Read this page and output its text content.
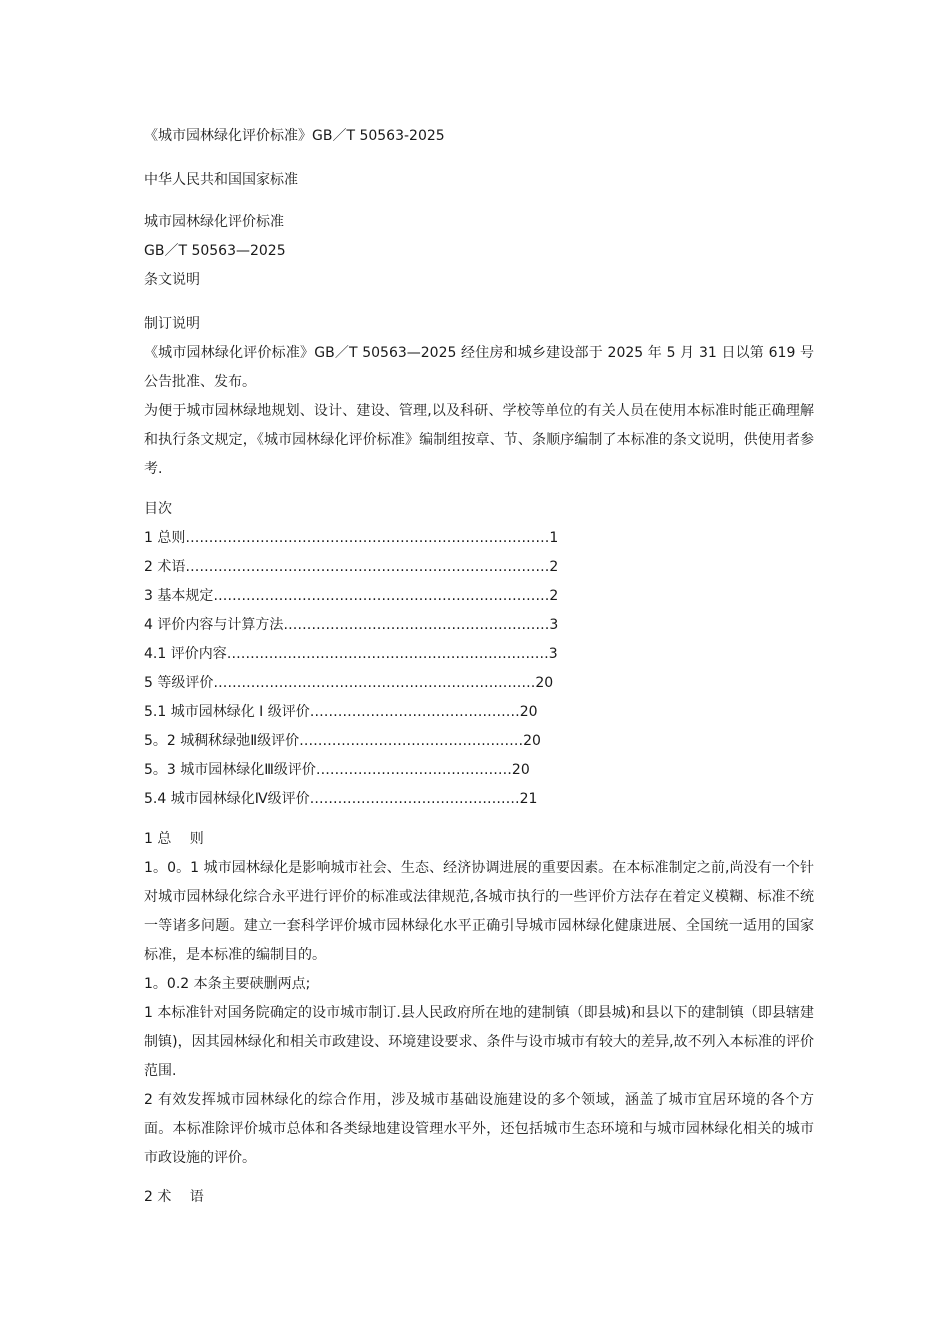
《城市园林绿化评价标准》GB／T 50563-2025
中华人民共和国国家标准
城市园林绿化评价标准
GB／T 50563—2025
条文说明
制订说明
《城市园林绿化评价标准》GB／T 50563—2025 经住房和城乡建设部于 2025 年 5 月 31 日以第 619 号公告批准、发布。
为便于城市园林绿地规划、设计、建设、管理,以及科研、学校等单位的有关人员在使用本标准时能正确理解和执行条文规定，《城市园林绿化评价标准》编制组按章、节、条顺序编制了本标准的条文说明，供使用者参考.
目次
1 总则……………………………………………………………………1
2 术语……………………………………………………………………2
3 基本规定………………………………………………………………2
4 评价内容与计算方法…………………………………………………3
4.1 评价内容……………………………………………………………3
5 等级评价……………………………………………………………20
5.1 城市园林绿化 I 级评价………………………………………20
5。2 城稠秫绿弛Ⅱ级评价…………………………………………20
5。3 城市园林绿化Ⅲ级评价……………………………………20
5.4 城市园林绿化Ⅳ级评价………………………………………21
1 总　 则
1。0。1 城市园林绿化是影响城市社会、生态、经济协调进展的重要因素。在本标准制定之前,尚没有一个针对城市园林绿化综合永平进行评价的标准或法律规范,各城市执行的一些评价方法存在着定义模糊、标准不统一等诸多问题。建立一套科学评价城市园林绿化水平正确引导城市园林绿化健康进展、全国统一适用的国家标准，是本标准的编制目的。
1。0.2 本条主要硖删两点;
1 本标准针对国务院确定的设市城市制订.县人民政府所在地的建制镇（即县城)和县以下的建制镇（即县辖建制镇)，因其园林绿化和相关市政建设、环境建设要求、条件与设市城市有较大的差异,故不列入本标准的评价范围.
2 有效发挥城市园林绿化的综合作用，涉及城市基础设施建设的多个领域，涵盖了城市宜居环境的各个方面。本标准除评价城市总体和各类绿地建设管理水平外，还包括城市生态环境和与城市园林绿化相关的城市市政设施的评价。
2 术　 语
